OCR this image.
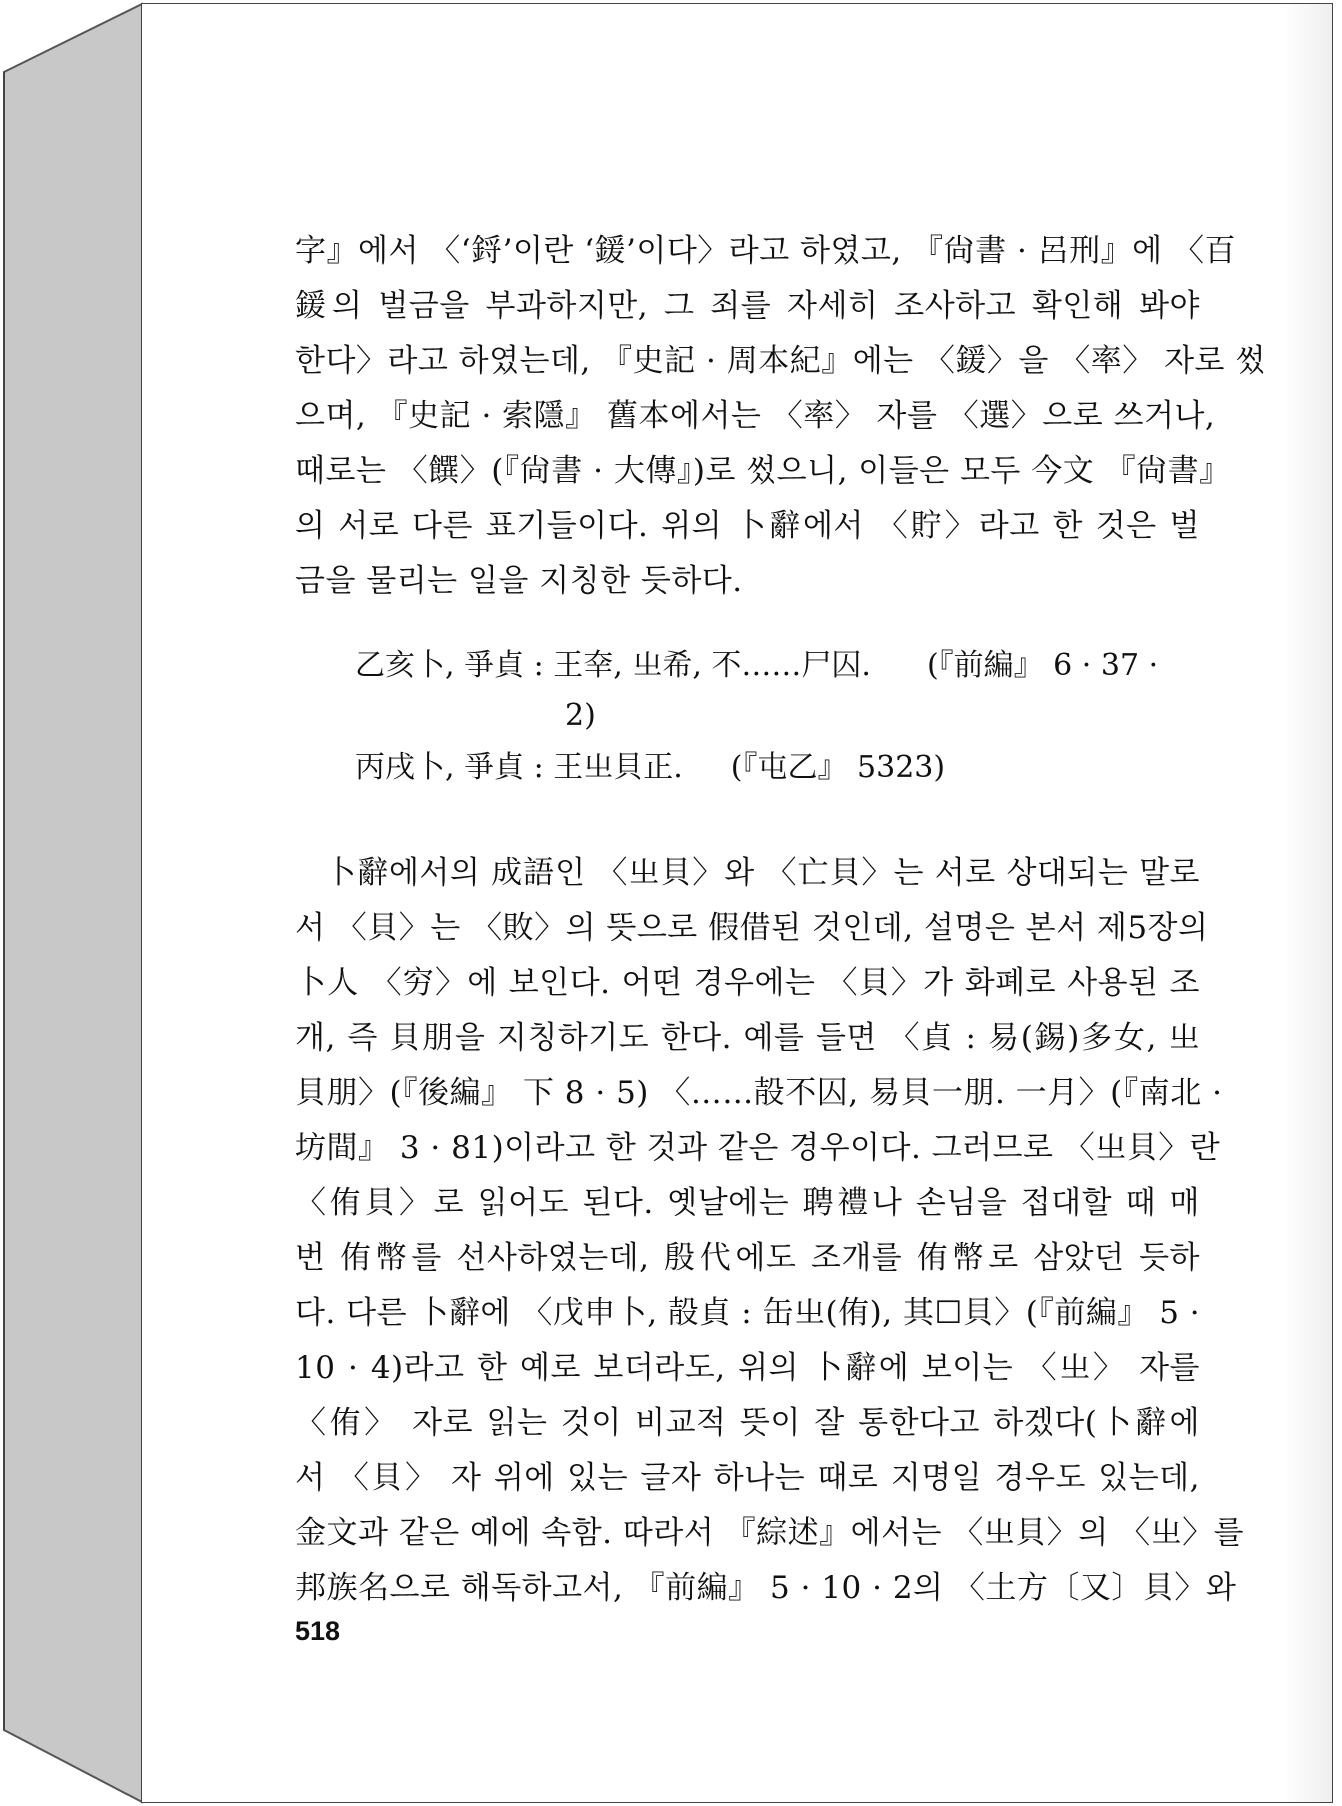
字』에서 〈‘鋝’이란 ‘鍰’이다〉라고 하였고, 『尙書 · 呂刑』에 〈百
鍰의 벌금을 부과하지만, 그 죄를 자세히 조사하고 확인해 봐야
한다〉라고 하였는데, 『史記 · 周本紀』에는 〈鍰〉을 〈率〉 자로 썼
으며, 『史記 · 索隱』 舊本에서는 〈率〉 자를 〈選〉으로 쓰거나,
때로는 〈饌〉(『尙書 · 大傳』)로 썼으니, 이들은 모두 今文 『尙書』
의 서로 다른 표기들이다. 위의 卜辭에서 〈貯〉라고 한 것은 벌
금을 물리는 일을 지칭한 듯하다.
乙亥卜, 爭貞 : 王㚔, 㞢希, 不……尸囚. (『前編』 6 · 37 ·
2)
丙戌卜, 爭貞 : 王㞢貝正. (『屯乙』 5323)
卜辭에서의 成語인 〈㞢貝〉와 〈亡貝〉는 서로 상대되는 말로
서 〈貝〉는 〈敗〉의 뜻으로 假借된 것인데, 설명은 본서 제5장의
卜人 〈穷〉에 보인다. 어떤 경우에는 〈貝〉가 화폐로 사용된 조
개, 즉 貝朋을 지칭하기도 한다. 예를 들면 〈貞 : 易(錫)多女, 㞢
貝朋〉(『後編』 下 8 · 5) 〈……㱿不囚, 易貝一朋. 一月〉(『南北 ·
坊間』 3 · 81)이라고 한 것과 같은 경우이다. 그러므로 〈㞢貝〉란
〈侑貝〉로 읽어도 된다. 옛날에는 聘禮나 손님을 접대할 때 매
번 侑幣를 선사하였는데, 殷代에도 조개를 侑幣로 삼았던 듯하
다. 다른 卜辭에 〈戊申卜, 㱿貞 : 缶㞢(侑), 其☐貝〉(『前編』 5 ·
10 · 4)라고 한 예로 보더라도, 위의 卜辭에 보이는 〈㞢〉 자를
〈侑〉 자로 읽는 것이 비교적 뜻이 잘 통한다고 하겠다(卜辭에
서 〈貝〉 자 위에 있는 글자 하나는 때로 지명일 경우도 있는데,
金文과 같은 예에 속함. 따라서 『綜述』에서는 〈㞢貝〉의 〈㞢〉를
邦族名으로 해독하고서, 『前編』 5 · 10 · 2의 〈土方〔又〕貝〉와
518
